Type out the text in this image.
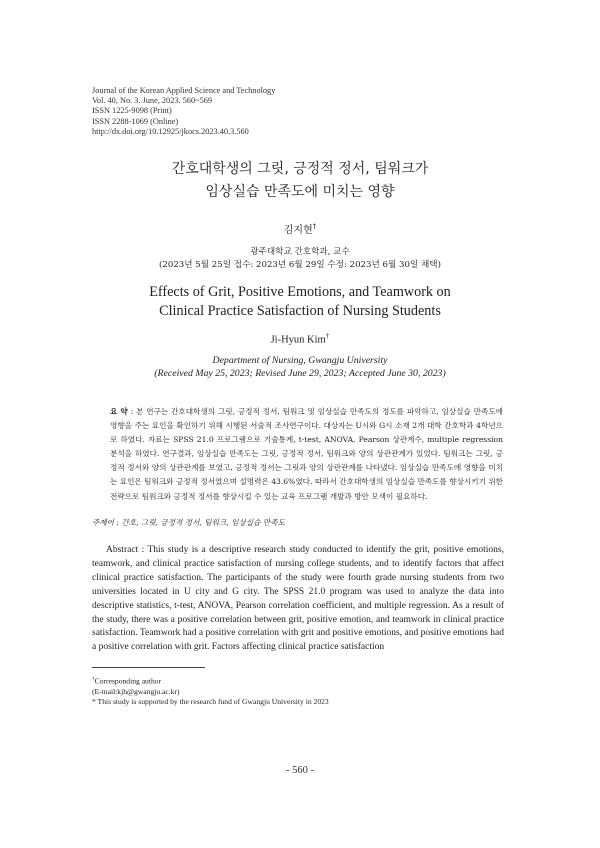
Journal of the Korean Applied Science and Technology
Vol. 40, No. 3. June, 2023. 560~569
ISSN 1225-9098 (Print)
ISSN 2288-1069 (Online)
http://dx.doi.org/10.12925/jkocs.2023.40.3.560
간호대학생의 그릿, 긍정적 정서, 팀워크가
임상실습 만족도에 미치는 영향
김지현†
광주대학교 간호학과, 교수
(2023년 5월 25일 접수: 2023년 6월 29일 수정: 2023년 6월 30일 채택)
Effects of Grit, Positive Emotions, and Teamwork on
Clinical Practice Satisfaction of Nursing Students
Ji-Hyun Kim†
Department of Nursing, Gwangju University
(Received May 25, 2023; Revised June 29, 2023; Accepted June 30, 2023)
요 약 : 본 연구는 간호대학생의 그릿, 긍정적 정서, 팀워크 및 임상실습 만족도의 정도를 파악하고, 임상실습 만족도에 영향을 주는 요인을 확인하기 위해 시행된 서술적 조사연구이다. 대상자는 U시와 G시 소재 2개 대학 간호학과 4학년으로 하였다. 자료는 SPSS 21.0 프로그램으로 기술통계, t-test, ANOVA, Pearson 상관계수, multiple regression 분석을 하였다. 연구결과, 임상실습 만족도는 그릿, 긍정적 정서, 팀워크와 양의 상관관계가 있었다. 팀워크는 그릿, 긍정적 정서와 양의 상관관계를 보였고, 긍정적 정서는 그릿과 양의 상관관계를 나타냈다. 임상실습 만족도에 영향을 미치는 요인은 팀워크와 긍정적 정서였으며 설명력은 43.6%였다. 따라서 간호대학생의 임상실습 만족도를 향상시키기 위한 전략으로 팀워크와 긍정적 정서를 향상시킬 수 있는 교육 프로그램 개발과 방안 모색이 필요하다.
주제어 : 간호, 그릿, 긍정적 정서, 팀워크, 임상실습 만족도
Abstract : This study is a descriptive research study conducted to identify the grit, positive emotions, teamwork, and clinical practice satisfaction of nursing college students, and to identify factors that affect clinical practice satisfaction. The participants of the study were fourth grade nursing students from two universities located in U city and G city. The SPSS 21.0 program was used to analyze the data into descriptive statistics, t-test, ANOVA, Pearson correlation coefficient, and multiple regression. As a result of the study, there was a positive correlation between grit, positive emotion, and teamwork in clinical practice satisfaction. Teamwork had a positive correlation with grit and positive emotions, and positive emotions had a positive correlation with grit. Factors affecting clinical practice satisfaction
†Corresponding author
(E-mail:kjh@gwangju.ac.kr)
* This study is supported by the research fund of Gwangju University in 2023
- 560 -
